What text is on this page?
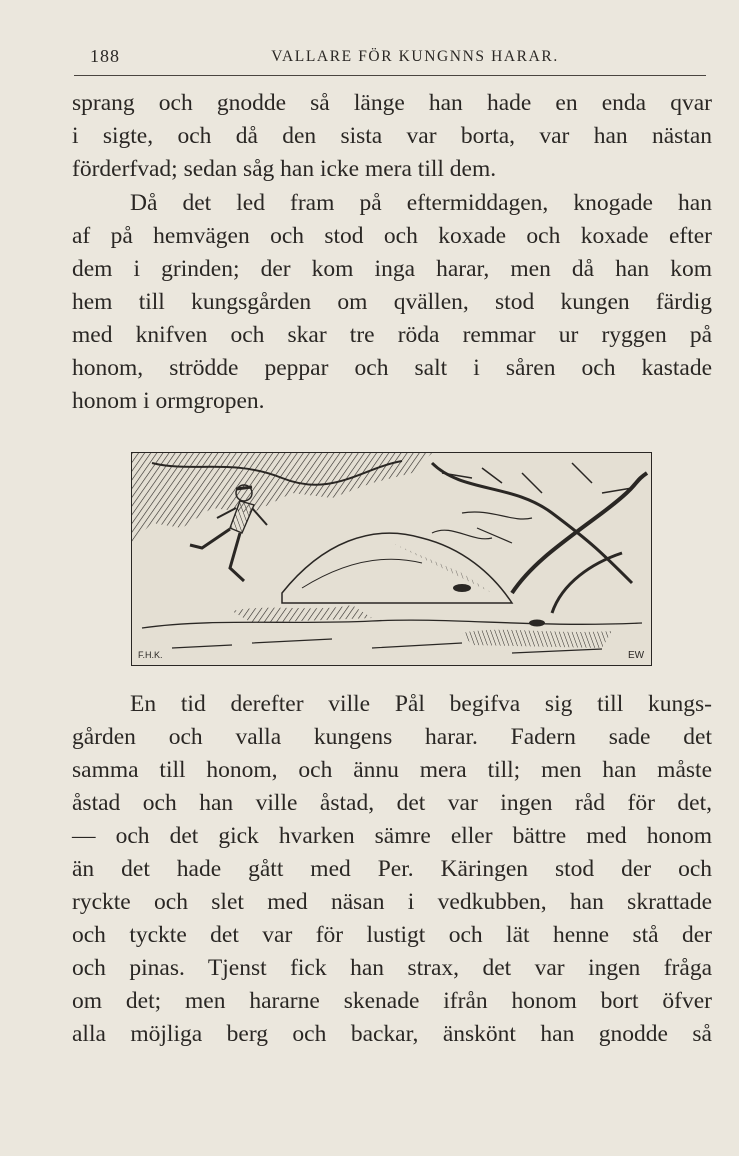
188	VALLARE FÖR KUNGNNS HARAR.
sprang och gnodde så länge han hade en enda qvar
i sigte, och då den sista var borta, var han nästan
förderfvad; sedan såg han icke mera till dem.
Då det led fram på eftermiddagen, knogade han
af på hemvägen och stod och koxade och koxade efter
dem i grinden; der kom inga harar, men då han kom
hem till kungsgården om qvällen, stod kungen färdig
med knifven och skar tre röda remmar ur ryggen på
honom, strödde peppar och salt i såren och kastade
honom i ormgropen.
F.H.K.	EW
En tid derefter ville Pål begifva sig till kungs-
gården och valla kungens harar. Fadern sade det
samma till honom, och ännu mera till; men han måste
åstad och han ville åstad, det var ingen råd för det,
— och det gick hvarken sämre eller bättre med honom
än det hade gått med Per. Käringen stod der och
ryckte och slet med näsan i vedkubben, han skrattade
och tyckte det var för lustigt och lät henne stå der
och pinas. Tjenst fick han strax, det var ingen fråga
om det; men hararne skenade ifrån honom bort öfver
alla möjliga berg och backar, änskönt han gnodde så
